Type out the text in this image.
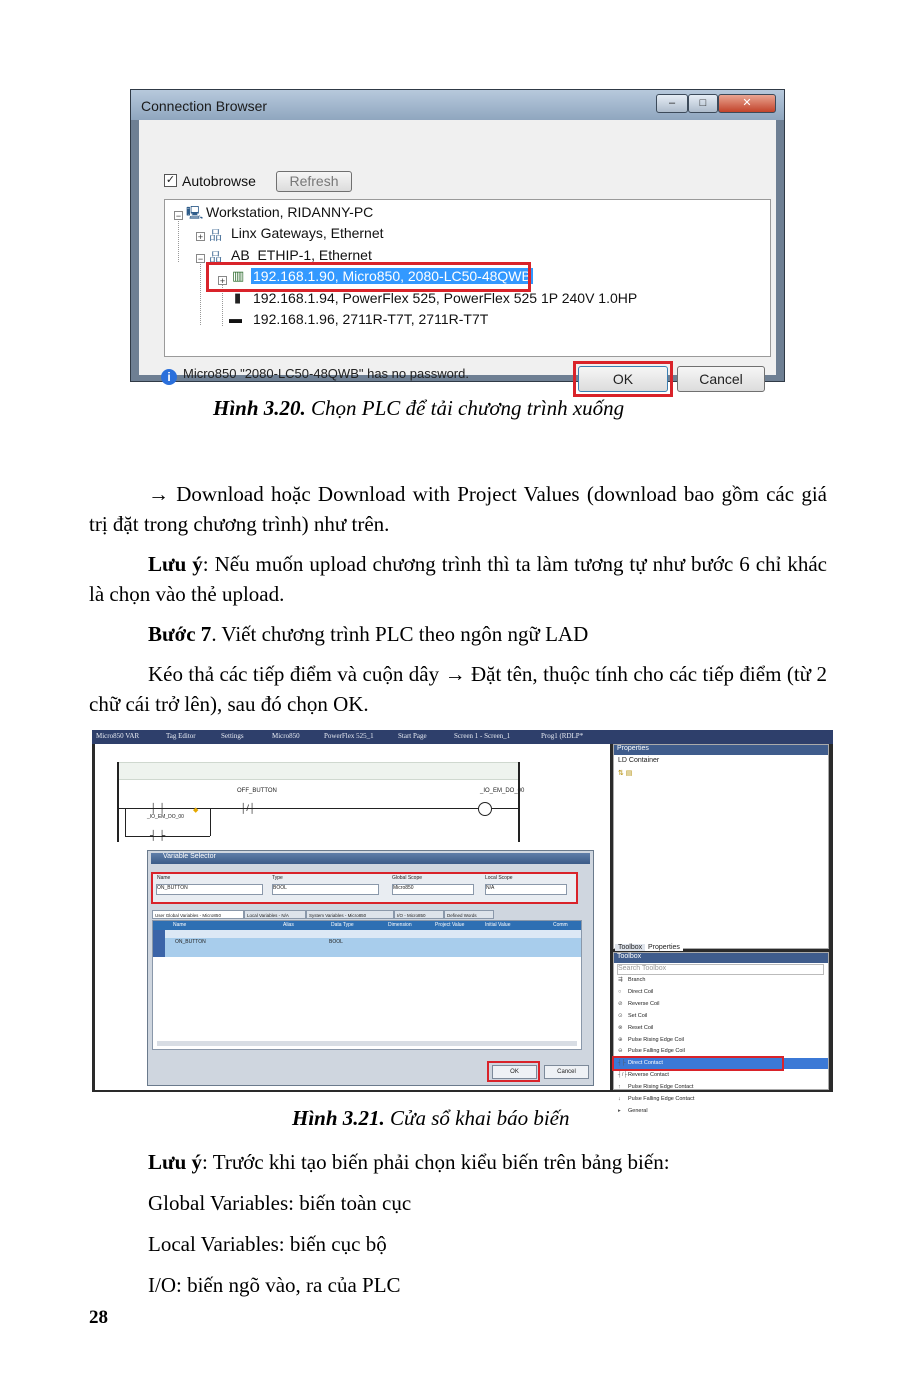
Connection Browser	–	□	✕
✓ Autobrowse	Refresh
− 🖳 Workstation, RIDANNY-PC
+ 品 Linx Gateways, Ethernet
− 品 AB_ETHIP-1, Ethernet
+ ▥ 192.168.1.90, Micro850, 2080-LC50-48QWB
▮ 192.168.1.94, PowerFlex 525, PowerFlex 525 1P 240V 1.0HP
▬ 192.168.1.96, 2711R-T7T, 2711R-T7T
i Micro850 "2080-LC50-48QWB" has no password.	OK	Cancel
Hình 3.20. Chọn PLC để tải chương trình xuống
→ Download hoặc Download with Project Values (download bao gồm các giá trị đặt trong chương trình) như trên.
Lưu ý: Nếu muốn upload chương trình thì ta làm tương tự như bước 6 chỉ khác là chọn vào thẻ upload.
Bước 7. Viết chương trình PLC theo ngôn ngữ LAD
Kéo thả các tiếp điểm và cuộn dây → Đặt tên, thuộc tính cho các tiếp điểm (từ 2 chữ cái trở lên), sau đó chọn OK.
Micro850 VAR	Tag Editor	Settings	Micro850	PowerFlex 525_1	Start Page	Screen 1 - Screen_1	Prog1 (RDLP*
OFF_BUTTON	_IO_EM_DO_00
┤/├
┤ ├
_IO_EM_DO_00
◆
┤ ├
Properties
LD Container
⇅ ▤
Toolbox Properties
Toolbox
Search Toolbox
⇶ Branch
○ Direct Coil
⊘ Reverse Coil
⊙ Set Coil
⊗ Reset Coil
⊕ Pulse Rising Edge Coil
⊖ Pulse Falling Edge Coil
┤├ Direct Contact
┤/├ Reverse Contact
↑ Pulse Rising Edge Contact
↓ Pulse Falling Edge Contact
▸ General
Variable Selector
Name	Type	Global Scope	Local Scope
ON_BUTTON	BOOL	Micro850	N/A
User Global Variables - Micro850	Local Variables - N/A	System Variables - Micro850	I/O - Micro850	Defined Words
Name	Alias	Data Type	Dimension	Project Value	Initial Value	Comm
ON_BUTTON	BOOL
OK	Cancel
Hình 3.21. Cửa sổ khai báo biến
Lưu ý: Trước khi tạo biến phải chọn kiểu biến trên bảng biến:
Global Variables: biến toàn cục
Local Variables: biến cục bộ
I/O: biến ngõ vào, ra của PLC
28
